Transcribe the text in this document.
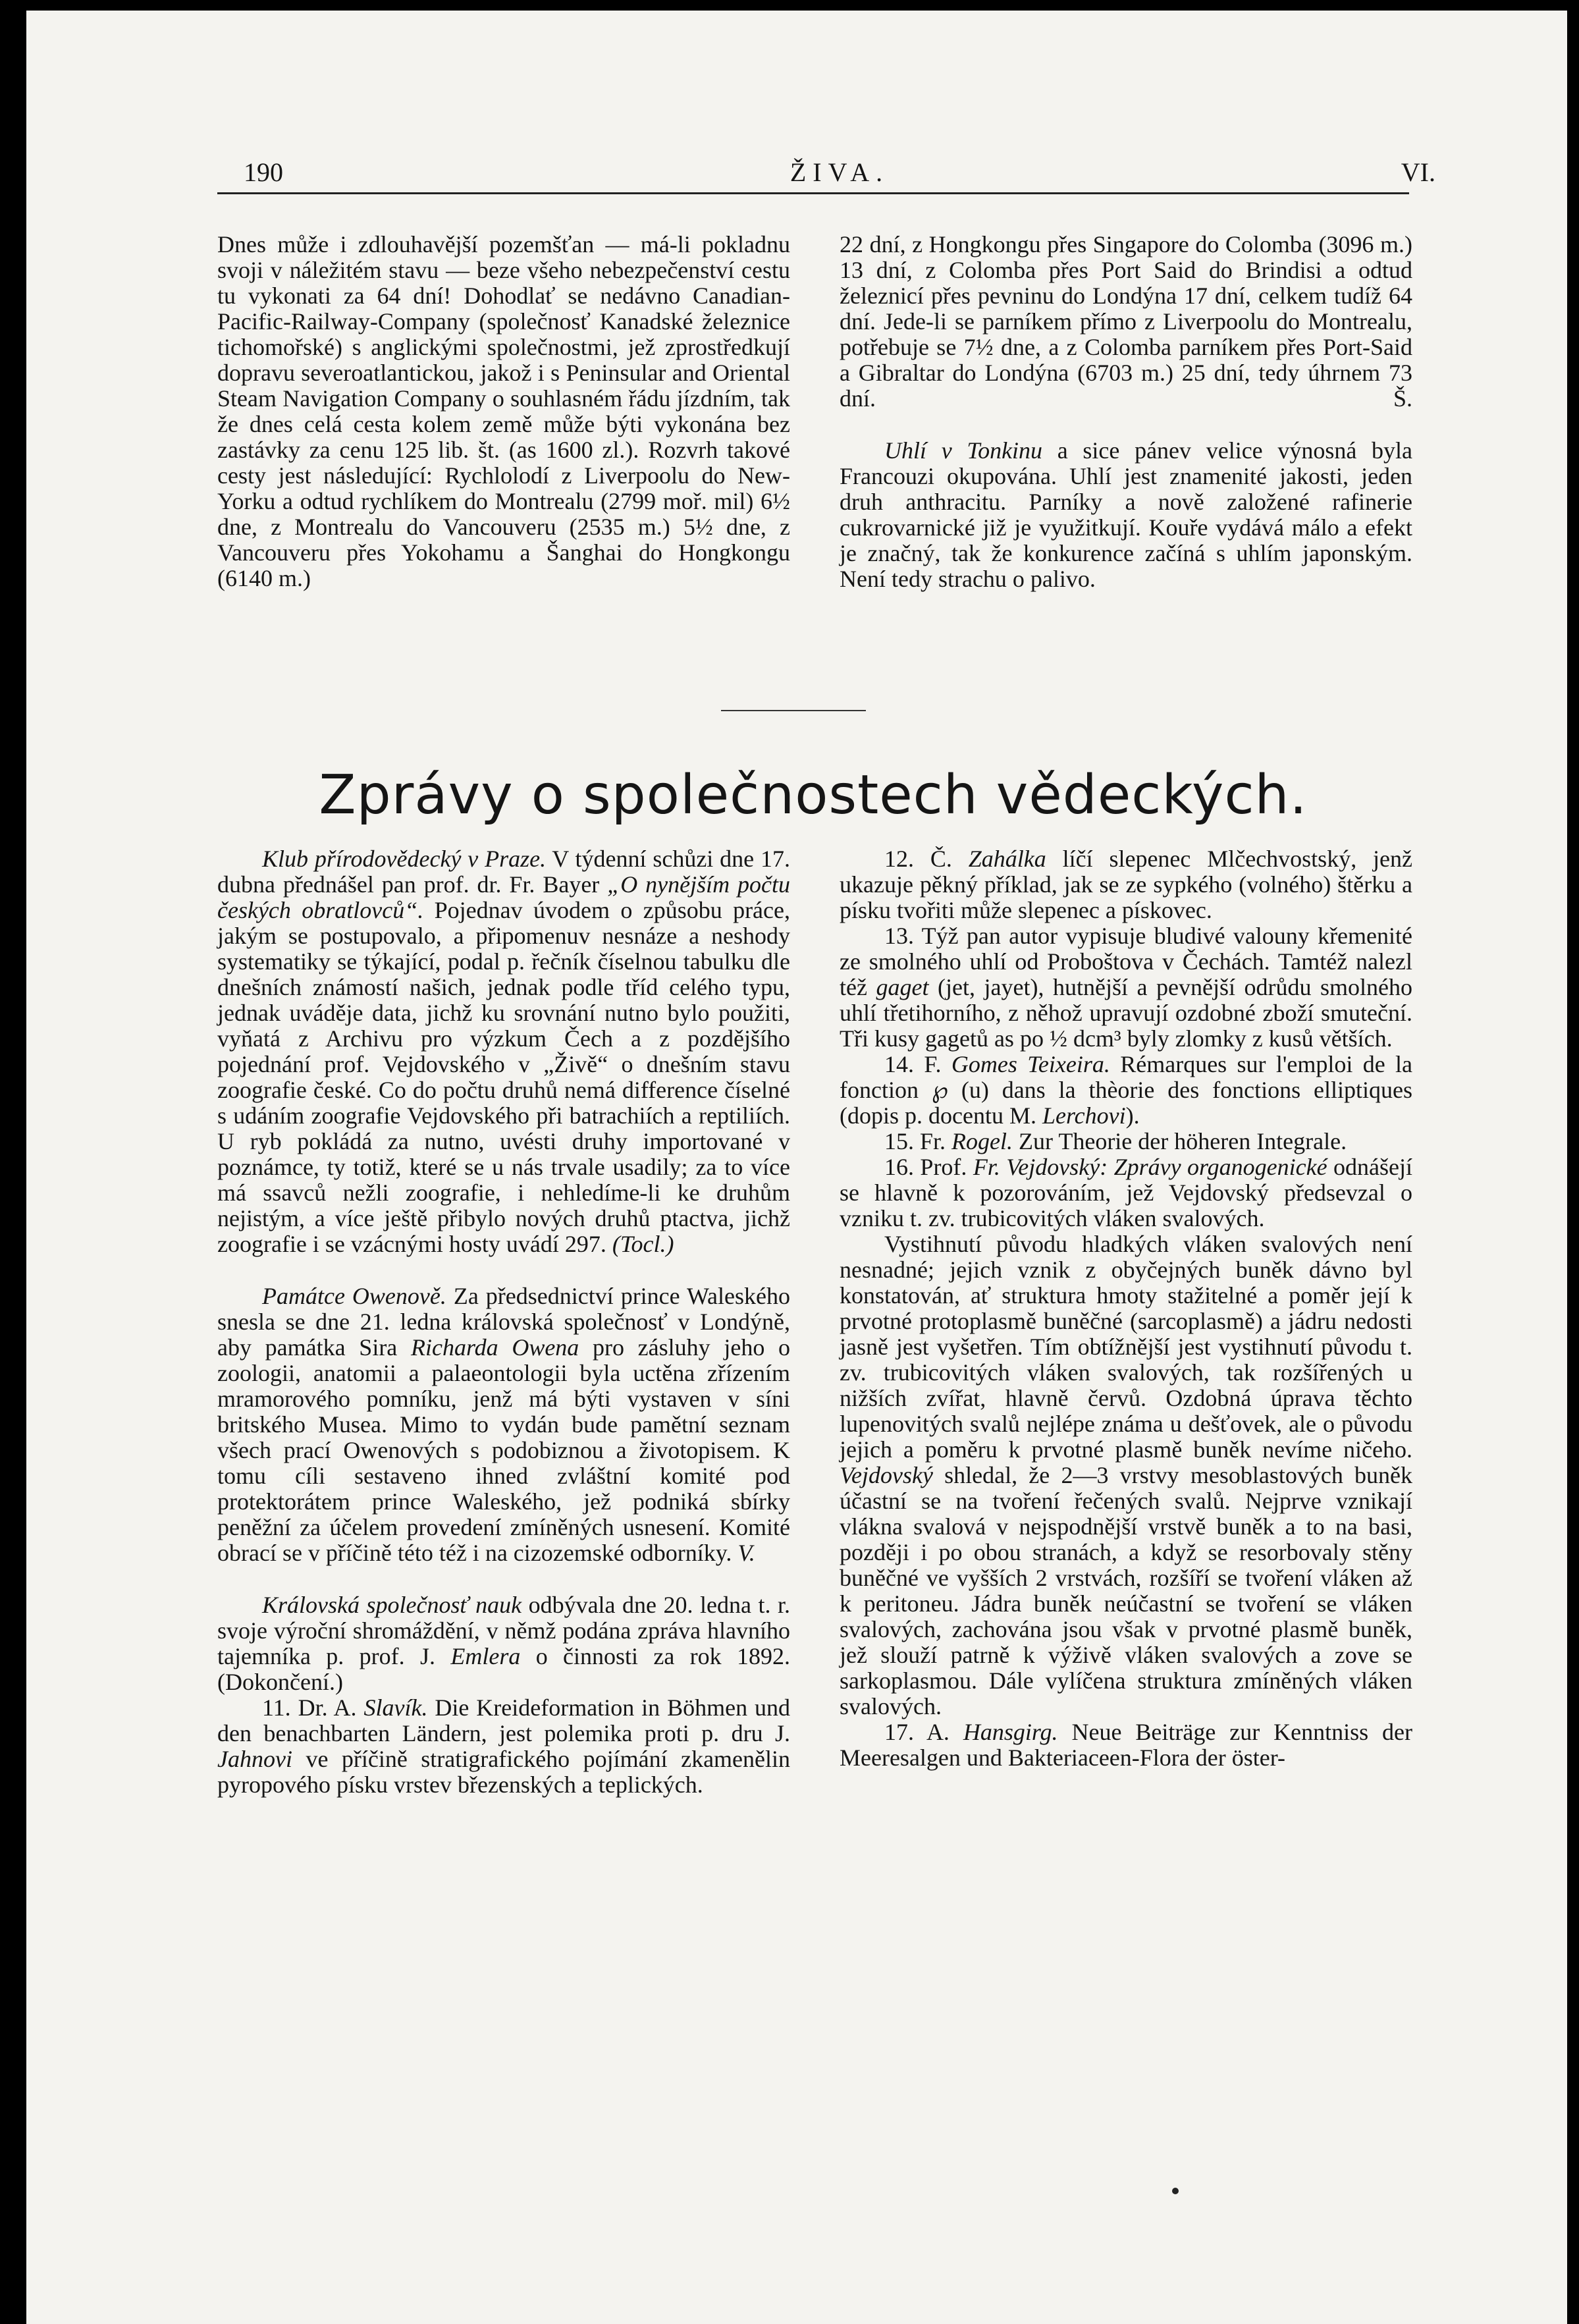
190	ŽIVA.	VI.

Dnes může i zdlouhavější pozemšťan — má-li pokladnu svoji v náležitém stavu — beze všeho nebezpečenství cestu tu vykonati za 64 dní! Dohodlať se nedávno Canadian-Pacific-Railway-Company (společnosť Kanadské železnice tichomořské) s anglickými společnostmi, jež zprostředkují dopravu severoatlantickou, jakož i s Peninsular and Oriental Steam Navigation Company o souhlasném řádu jízdním, tak že dnes celá cesta kolem země může býti vykonána bez zastávky za cenu 125 lib. št. (as 1600 zl.). Rozvrh takové cesty jest následující: Rychlolodí z Liverpoolu do New-Yorku a odtud rychlíkem do Montrealu (2799 moř. mil) 6½ dne, z Montrealu do Vancouveru (2535 m.) 5½ dne, z Vancouveru přes Yokohamu a Šanghai do Hongkongu (6140 m.)

22 dní, z Hongkongu přes Singapore do Colomba (3096 m.) 13 dní, z Colomba přes Port Said do Brindisi a odtud železnicí přes pevninu do Londýna 17 dní, celkem tudíž 64 dní. Jede-li se parníkem přímo z Liverpoolu do Montrealu, potřebuje se 7½ dne, a z Colomba parníkem přes Port-Said a Gibraltar do Londýna (6703 m.) 25 dní, tedy úhrnem 73 dní.	Š.

Uhlí v Tonkinu a sice pánev velice výnosná byla Francouzi okupována. Uhlí jest znamenité jakosti, jeden druh anthracitu. Parníky a nově založené rafinerie cukrovarnické již je využitkují. Kouře vydává málo a efekt je značný, tak že konkurence začíná s uhlím japonským. Není tedy strachu o palivo.

Zprávy o společnostech vědeckých.

Klub přírodovědecký v Praze. V týdenní schůzi dne 17. dubna přednášel pan prof. dr. Fr. Bayer „O nynějším počtu českých obratlovců“. Pojednav úvodem o způsobu práce, jakým se postupovalo, a připomenuv nesnáze a neshody systematiky se týkající, podal p. řečník číselnou tabulku dle dnešních známostí našich, jednak podle tříd celého typu, jednak uváděje data, jichž ku srovnání nutno bylo použiti, vyňatá z Archivu pro výzkum Čech a z pozdějšího pojednání prof. Vejdovského v „Živě“ o dnešním stavu zoografie české. Co do počtu druhů nemá difference číselné s udáním zoografie Vejdovského při batrachiích a reptiliích. U ryb pokládá za nutno, uvésti druhy importované v poznámce, ty totiž, které se u nás trvale usadily; za to více má ssavců nežli zoografie, i nehledíme-li ke druhům nejistým, a více ještě přibylo nových druhů ptactva, jichž zoografie i se vzácnými hosty uvádí 297. (Tocl.)

Památce Owenově. Za předsednictví prince Waleského snesla se dne 21. ledna královská společnosť v Londýně, aby památka Sira Richarda Owena pro zásluhy jeho o zoologii, anatomii a palaeontologii byla uctěna zřízením mramorového pomníku, jenž má býti vystaven v síni britského Musea. Mimo to vydán bude pamětní seznam všech prací Owenových s podobiznou a životopisem. K tomu cíli sestaveno ihned zvláštní komité pod protektorátem prince Waleského, jež podniká sbírky peněžní za účelem provedení zmíněných usnesení. Komité obrací se v příčině této též i na cizozemské odborníky. V.

Královská společnosť nauk odbývala dne 20. ledna t. r. svoje výroční shromáždění, v němž podána zpráva hlavního tajemníka p. prof. J. Emlera o činnosti za rok 1892. (Dokončení.)

11. Dr. A. Slavík. Die Kreideformation in Böhmen und den benachbarten Ländern, jest polemika proti p. dru J. Jahnovi ve příčině stratigrafického pojímání zkamenělin pyropového písku vrstev březenských a teplických.

12. Č. Zahálka líčí slepenec Mlčechvostský, jenž ukazuje pěkný příklad, jak se ze sypkého (volného) štěrku a písku tvořiti může slepenec a pískovec.

13. Týž pan autor vypisuje bludivé valouny křemenité ze smolného uhlí od Proboštova v Čechách. Tamtéž nalezl též gaget (jet, jayet), hutnější a pevnější odrůdu smolného uhlí třetihorního, z něhož upravují ozdobné zboží smuteční. Tři kusy gagetů as po ½ dcm³ byly zlomky z kusů větších.

14. F. Gomes Teixeira. Rémarques sur l'emploi de la fonction ℘ (u) dans la thèorie des fonctions elliptiques (dopis p. docentu M. Lerchovi).

15. Fr. Rogel. Zur Theorie der höheren Integrale.

16. Prof. Fr. Vejdovský: Zprávy organogenické odnášejí se hlavně k pozorováním, jež Vejdovský předsevzal o vzniku t. zv. trubicovitých vláken svalových.

Vystihnutí původu hladkých vláken svalových není nesnadné; jejich vznik z obyčejných buněk dávno byl konstatován, ať struktura hmoty stažitelné a poměr její k prvotné protoplasmě buněčné (sarcoplasmě) a jádru nedosti jasně jest vyšetřen. Tím obtížnější jest vystihnutí původu t. zv. trubicovitých vláken svalových, tak rozšířených u nižších zvířat, hlavně červů. Ozdobná úprava těchto lupenovitých svalů nejlépe známa u dešťovek, ale o původu jejich a poměru k prvotné plasmě buněk nevíme ničeho. Vejdovský shledal, že 2—3 vrstvy mesoblastových buněk účastní se na tvoření řečených svalů. Nejprve vznikají vlákna svalová v nejspodnější vrstvě buněk a to na basi, později i po obou stranách, a když se resorbovaly stěny buněčné ve vyšších 2 vrstvách, rozšíří se tvoření vláken až k peritoneu. Jádra buněk neúčastní se tvoření se vláken svalových, zachována jsou však v prvotné plasmě buněk, jež slouží patrně k výživě vláken svalových a zove se sarkoplasmou. Dále vylíčena struktura zmíněných vláken svalových.

17. A. Hansgirg. Neue Beiträge zur Kenntniss der Meeresalgen und Bakteriaceen-Flora der öster-
